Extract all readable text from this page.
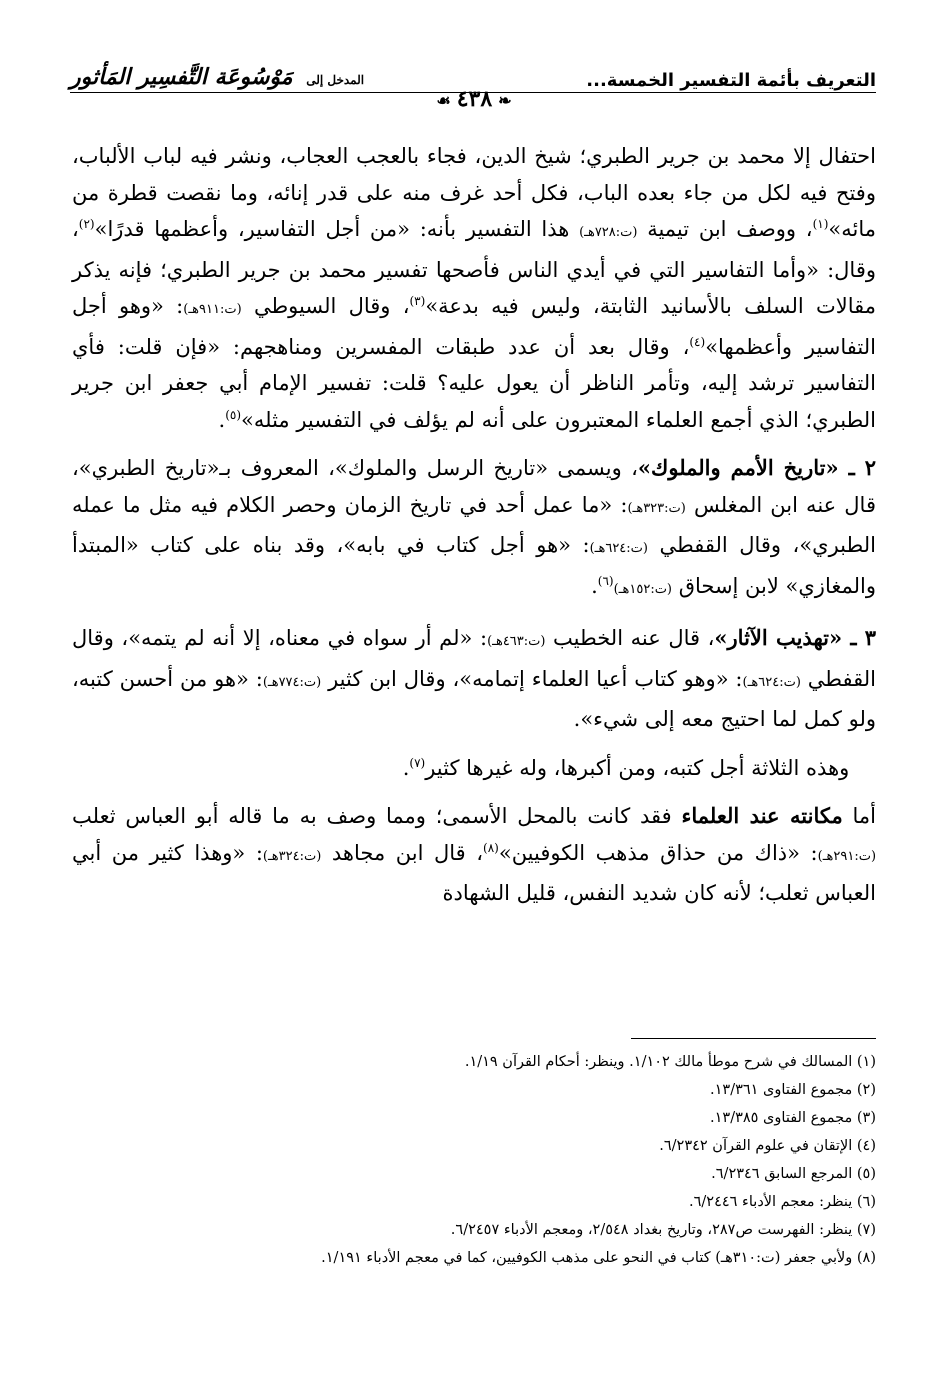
التعريف بأئمة التفسير الخمسة...
المدخل إلى مَوْسُوعَة التَّفسِير المَأثور
❧٤٣٨☙

احتفال إلا محمد بن جرير الطبري؛ شيخ الدين، فجاء بالعجب العجاب، ونشر فيه لباب الألباب، وفتح فيه لكل من جاء بعده الباب، فكل أحد غرف منه على قدر إنائه، وما نقصت قطرة من مائه»$^{(١)}$، ووصف ابن تيمية (ت:٧٢٨هـ) هذا التفسير بأنه: «من أجل التفاسير، وأعظمها قدرًا»$^{(٢)}$، وقال: «وأما التفاسير التي في أيدي الناس فأصحها تفسير محمد بن جرير الطبري؛ فإنه يذكر مقالات السلف بالأسانيد الثابتة، وليس فيه بدعة»$^{(٣)}$، وقال السيوطي (ت:٩١١هـ): «وهو أجل التفاسير وأعظمها»$^{(٤)}$، وقال بعد أن عدد طبقات المفسرين ومناهجهم: «فإن قلت: فأي التفاسير ترشد إليه، وتأمر الناظر أن يعول عليه؟ قلت: تفسير الإمام أبي جعفر ابن جرير الطبري؛ الذي أجمع العلماء المعتبرون على أنه لم يؤلف في التفسير مثله»$^{(٥)}$.

٢ ـ «تاريخ الأمم والملوك»، ويسمى «تاريخ الرسل والملوك»، المعروف بـ«تاريخ الطبري»، قال عنه ابن المغلس (ت:٣٢٣هـ): «ما عمل أحد في تاريخ الزمان وحصر الكلام فيه مثل ما عمله الطبري»، وقال القفطي (ت:٦٢٤هـ): «هو أجل كتاب في بابه»، وقد بناه على كتاب «المبتدأ والمغازي» لابن إسحاق (ت:١٥٢هـ)$^{(٦)}$.

٣ ـ «تهذيب الآثار»، قال عنه الخطيب (ت:٤٦٣هـ): «لم أر سواه في معناه، إلا أنه لم يتمه»، وقال القفطي (ت:٦٢٤هـ): «وهو كتاب أعيا العلماء إتمامه»، وقال ابن كثير (ت:٧٧٤هـ): «هو من أحسن كتبه، ولو كمل لما احتيج معه إلى شيء».

وهذه الثلاثة أجل كتبه، ومن أكبرها، وله غيرها كثير$^{(٧)}$.

أما مكانته عند العلماء فقد كانت بالمحل الأسمى؛ ومما وصف به ما قاله أبو العباس ثعلب (ت:٢٩١هـ): «ذاك من حذاق مذهب الكوفيين»$^{(٨)}$، قال ابن مجاهد (ت:٣٢٤هـ): «وهذا كثير من أبي العباس ثعلب؛ لأنه كان شديد النفس، قليل الشهادة

(١) المسالك في شرح موطأ مالك ١/١٠٢. وينظر: أحكام القرآن ١/١٩.
(٢) مجموع الفتاوى ١٣/٣٦١.
(٣) مجموع الفتاوى ١٣/٣٨٥.
(٤) الإتقان في علوم القرآن ٦/٢٣٤٢.
(٥) المرجع السابق ٦/٢٣٤٦.
(٦) ينظر: معجم الأدباء ٦/٢٤٤٦.
(٧) ينظر: الفهرست ص٢٨٧، وتاريخ بغداد ٢/٥٤٨، ومعجم الأدباء ٦/٢٤٥٧.
(٨) ولأبي جعفر (ت:٣١٠هـ) كتاب في النحو على مذهب الكوفيين، كما في معجم الأدباء ١/١٩١.
